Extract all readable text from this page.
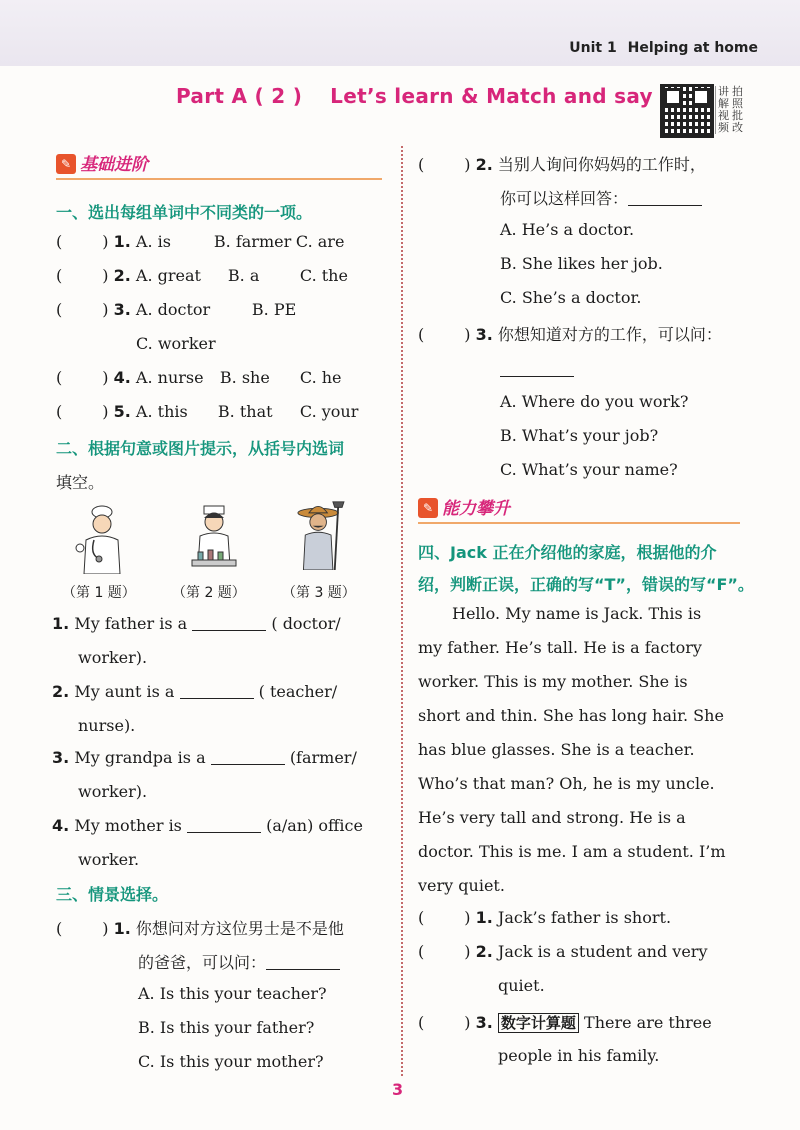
Unit 1 Helping at home
Part A ( 2 ) Let’s learn & Match and say	讲 拍
解 照
视 批
频 改
✎ 基础进阶
一、选出每组单词中不同类的一项。
(	) 1. A. is	B. farmer C. are
(	) 2. A. great B. a	C. the
(	) 3. A. doctor	B. PE
C. worker
(	) 4. A. nurse B. she C. he
(	) 5. A. this B. that C. your
二、根据句意或图片提示，从括号内选词
填空。
（第 1 题）	（第 2 题）	（第 3 题）
1. My father is a	( doctor/
worker).
2. My aunt is a	( teacher/
nurse).
3. My grandpa is a	(farmer/
worker).
4. My mother is	(a/an) office
worker.
三、情景选择。
(	) 1. 你想问对方这位男士是不是他
的爸爸，可以问：
A. Is this your teacher?
B. Is this your father?
C. Is this your mother?
(	) 2. 当别人询问你妈妈的工作时，
你可以这样回答：
A. He’s a doctor.
B. She likes her job.
C. She’s a doctor.
(	) 3. 你想知道对方的工作，可以问：
A. Where do you work?
B. What’s your job?
C. What’s your name?
✎ 能力攀升
四、Jack 正在介绍他的家庭，根据他的介
绍，判断正误，正确的写“T”，错误的写“F”。
Hello. My name is Jack. This is
my father. He’s tall. He is a factory
worker. This is my mother. She is
short and thin. She has long hair. She
has blue glasses. She is a teacher.
Who’s that man? Oh, he is my uncle.
He’s very tall and strong. He is a
doctor. This is me. I am a student. I’m
very quiet.
(	) 1. Jack’s father is short.
(	) 2. Jack is a student and very
quiet.
(	) 3. 数字计算题 There are three
people in his family.
3
